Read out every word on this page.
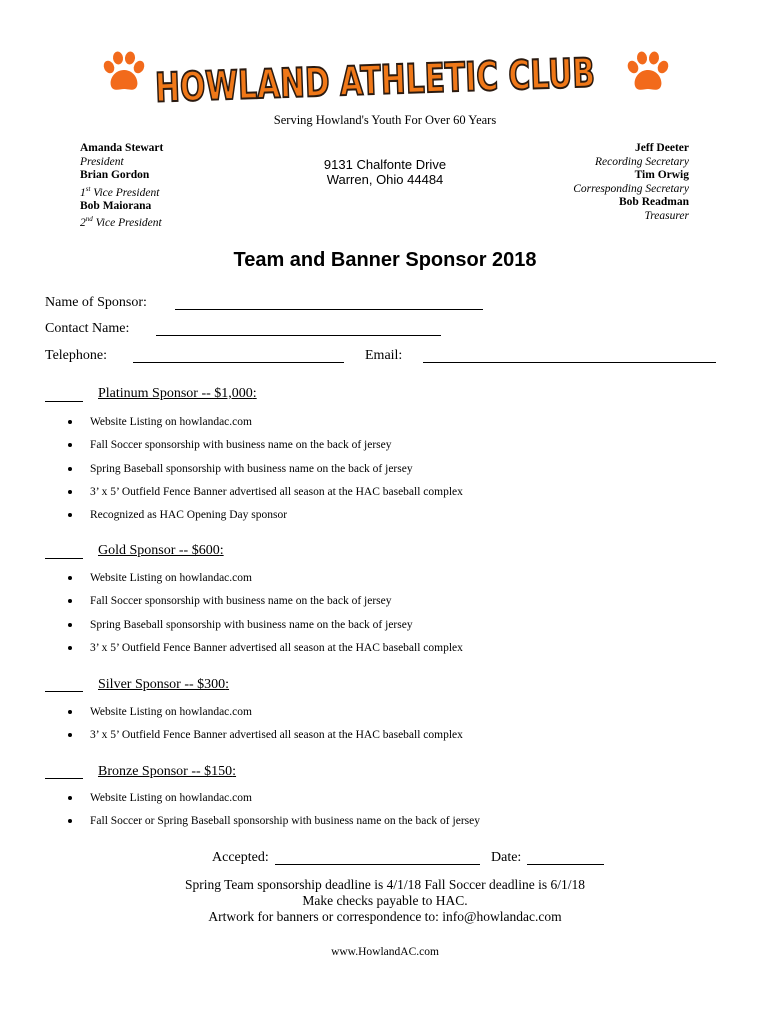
HOWLAND ATHLETIC CLUB
Serving Howland's Youth For Over 60 Years
Amanda Stewart
President
Brian Gordon
1st Vice President
Bob Maiorana
2nd Vice President
9131 Chalfonte Drive
Warren, Ohio 44484
Jeff Deeter
Recording Secretary
Tim Orwig
Corresponding Secretary
Bob Readman
Treasurer
Team and Banner Sponsor 2018
Name of Sponsor:
Contact Name:
Telephone:	Email:
Platinum Sponsor -- $1,000:
Website Listing on howlandac.com
Fall Soccer sponsorship with business name on the back of jersey
Spring Baseball sponsorship with business name on the back of jersey
3’ x 5’ Outfield Fence Banner advertised all season at the HAC baseball complex
Recognized as HAC Opening Day sponsor
Gold Sponsor -- $600:
Website Listing on howlandac.com
Fall Soccer sponsorship with business name on the back of jersey
Spring Baseball sponsorship with business name on the back of jersey
3’ x 5’ Outfield Fence Banner advertised all season at the HAC baseball complex
Silver Sponsor -- $300:
Website Listing on howlandac.com
3’ x 5’ Outfield Fence Banner advertised all season at the HAC baseball complex
Bronze Sponsor -- $150:
Website Listing on howlandac.com
Fall Soccer or Spring Baseball sponsorship with business name on the back of jersey
Accepted:	Date:
Spring Team sponsorship deadline is 4/1/18 Fall Soccer deadline is 6/1/18
Make checks payable to HAC.
Artwork for banners or correspondence to: info@howlandac.com
www.HowlandAC.com
